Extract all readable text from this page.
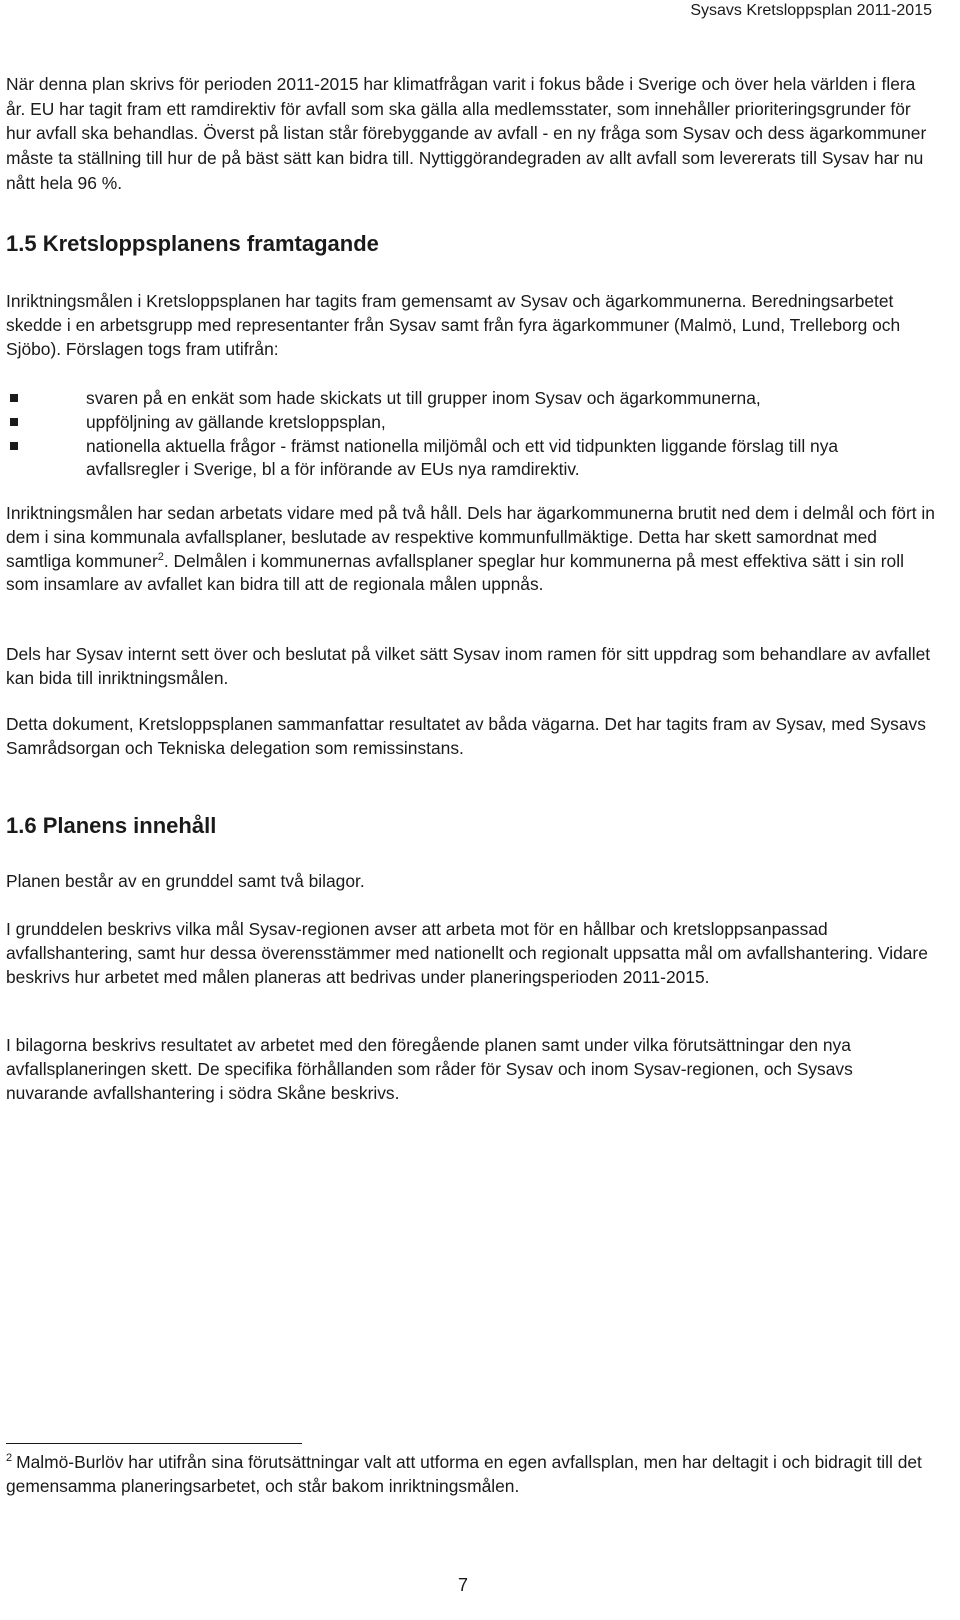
Sysavs Kretsloppsplan 2011-2015

När denna plan skrivs för perioden 2011-2015 har klimatfrågan varit i fokus både i Sverige och över hela världen i flera år. EU har tagit fram ett ramdirektiv för avfall som ska gälla alla medlemsstater, som innehåller prioriteringsgrunder för hur avfall ska behandlas. Överst på listan står förebyggande av avfall - en ny fråga som Sysav och dess ägarkommuner måste ta ställning till hur de på bäst sätt kan bidra till. Nyttiggörandegraden av allt avfall som levererats till Sysav har nu nått hela 96 %.

1.5 Kretsloppsplanens framtagande

Inriktningsmålen i Kretsloppsplanen har tagits fram gemensamt av Sysav och ägarkommunerna. Beredningsarbetet skedde i en arbetsgrupp med representanter från Sysav samt från fyra ägarkommuner (Malmö, Lund, Trelleborg och Sjöbo). Förslagen togs fram utifrån:

svaren på en enkät som hade skickats ut till grupper inom Sysav och ägarkommunerna,
uppföljning av gällande kretsloppsplan,
nationella aktuella frågor - främst nationella miljömål och ett vid tidpunkten liggande förslag till nya avfallsregler i Sverige, bl a för införande av EUs nya ramdirektiv.

Inriktningsmålen har sedan arbetats vidare med på två håll. Dels har ägarkommunerna brutit ned dem i delmål och fört in dem i sina kommunala avfallsplaner, beslutade av respektive kommunfullmäktige. Detta har skett samordnat med samtliga kommuner$^2$. Delmålen i kommunernas avfallsplaner speglar hur kommunerna på mest effektiva sätt i sin roll som insamlare av avfallet kan bidra till att de regionala målen uppnås.

Dels har Sysav internt sett över och beslutat på vilket sätt Sysav inom ramen för sitt uppdrag som behandlare av avfallet kan bida till inriktningsmålen.

Detta dokument, Kretsloppsplanen sammanfattar resultatet av båda vägarna. Det har tagits fram av Sysav, med Sysavs Samrådsorgan och Tekniska delegation som remissinstans.

1.6 Planens innehåll

Planen består av en grunddel samt två bilagor.

I grunddelen beskrivs vilka mål Sysav-regionen avser att arbeta mot för en hållbar och kretsloppsanpassad avfallshantering, samt hur dessa överensstämmer med nationellt och regionalt uppsatta mål om avfallshantering. Vidare beskrivs hur arbetet med målen planeras att bedrivas under planeringsperioden 2011-2015.

I bilagorna beskrivs resultatet av arbetet med den föregående planen samt under vilka förutsättningar den nya avfallsplaneringen skett. De specifika förhållanden som råder för Sysav och inom Sysav-regionen, och Sysavs nuvarande avfallshantering i södra Skåne beskrivs.

$^2$ Malmö-Burlöv har utifrån sina förutsättningar valt att utforma en egen avfallsplan, men har deltagit i och bidragit till det gemensamma planeringsarbetet, och står bakom inriktningsmålen.

7
